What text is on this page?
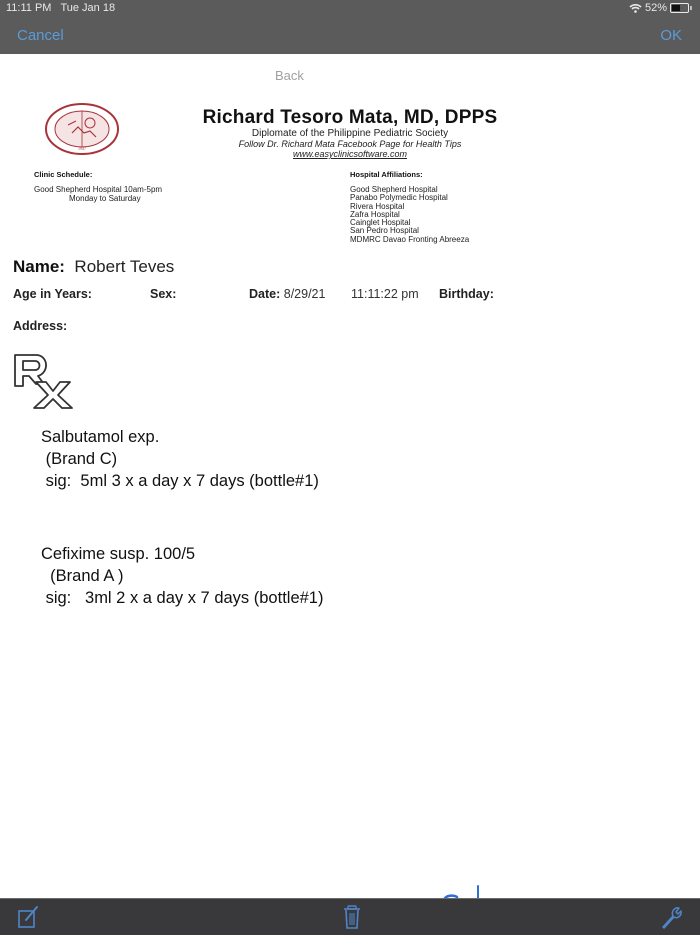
11:11 PM Tue Jan 18	52%
Cancel	OK
Back
1947
Richard Tesoro Mata, MD, DPPS
Diplomate of the Philippine Pediatric Society
Follow Dr. Richard Mata Facebook Page for Health Tips
www.easyclinicsoftware.com
Clinic Schedule:
Good Shepherd Hospital 10am-5pm
Monday to Saturday
Hospital Affiliations:
Good Shepherd Hospital
Panabo Polymedic Hospital
Rivera Hospital
Zafra Hospital
Cainglet Hospital
San Pedro Hospital
MDMRC Davao Fronting Abreeza
Name: Robert Teves
Age in Years:	Sex:	Date: 8/29/21 11:11:22 pm Birthday:
Address:
Salbutamol exp.
(Brand C)
sig:  5ml 3 x a day x 7 days (bottle#1)
Cefixime susp. 100/5
(Brand A )
sig:   3ml 2 x a day x 7 days (bottle#1)
